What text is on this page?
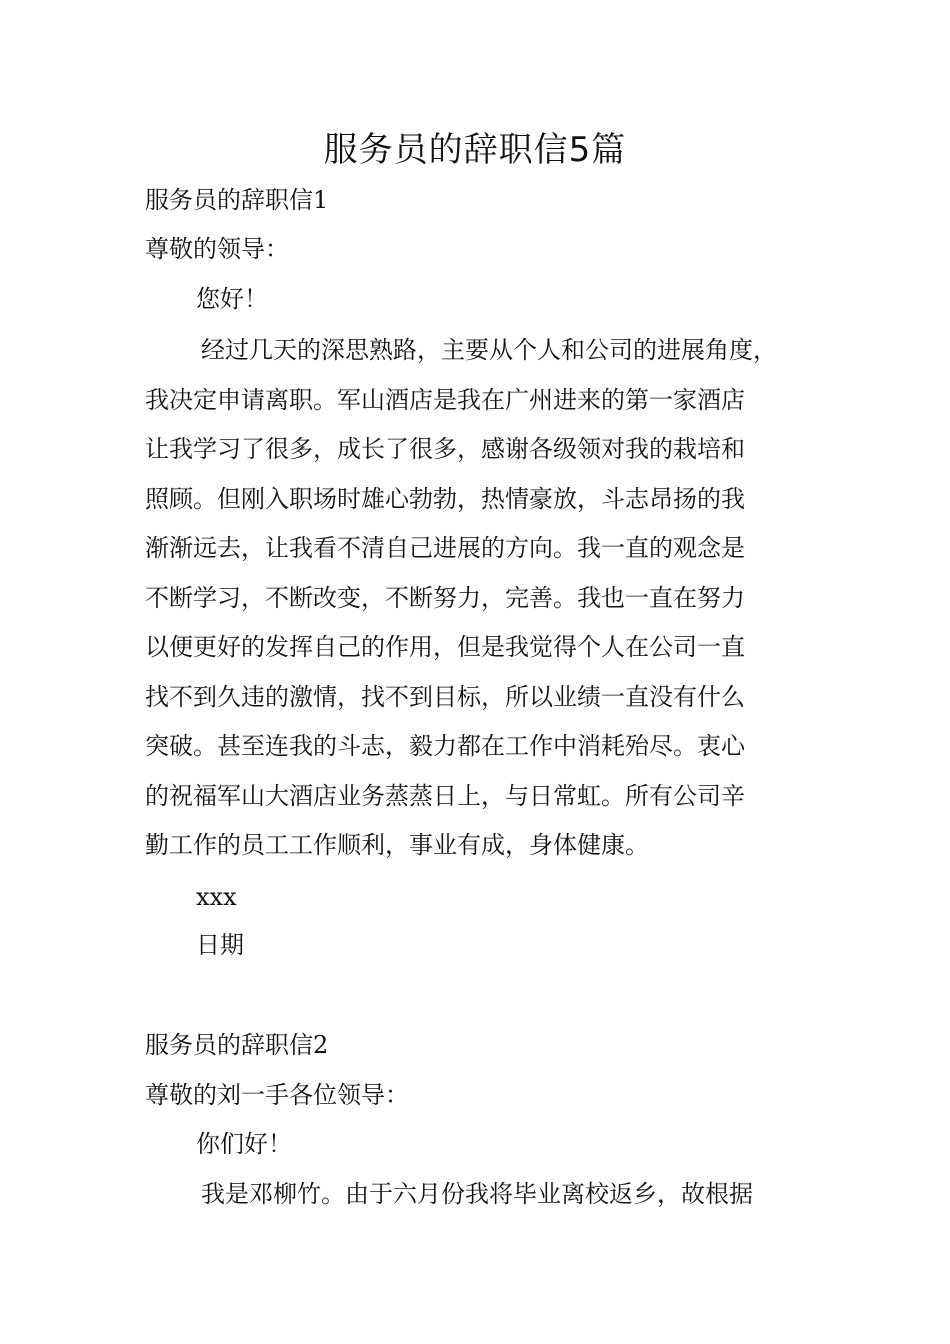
服务员的辞职信5篇
服务员的辞职信1
尊敬的领导：
您好！
经过几天的深思熟路，主要从个人和公司的进展角度，
我决定申请离职。军山酒店是我在广州进来的第一家酒店
让我学习了很多，成长了很多，感谢各级领对我的栽培和
照顾。但刚入职场时雄心勃勃，热情豪放，斗志昂扬的我
渐渐远去，让我看不清自己进展的方向。我一直的观念是
不断学习，不断改变，不断努力，完善。我也一直在努力
以便更好的发挥自己的作用，但是我觉得个人在公司一直
找不到久违的激情，找不到目标，所以业绩一直没有什么
突破。甚至连我的斗志，毅力都在工作中消耗殆尽。衷心
的祝福军山大酒店业务蒸蒸日上，与日常虹。所有公司辛
勤工作的员工工作顺利，事业有成，身体健康。
xxx
日期
服务员的辞职信2
尊敬的刘一手各位领导：
你们好！
我是邓柳竹。由于六月份我将毕业离校返乡，故根据
